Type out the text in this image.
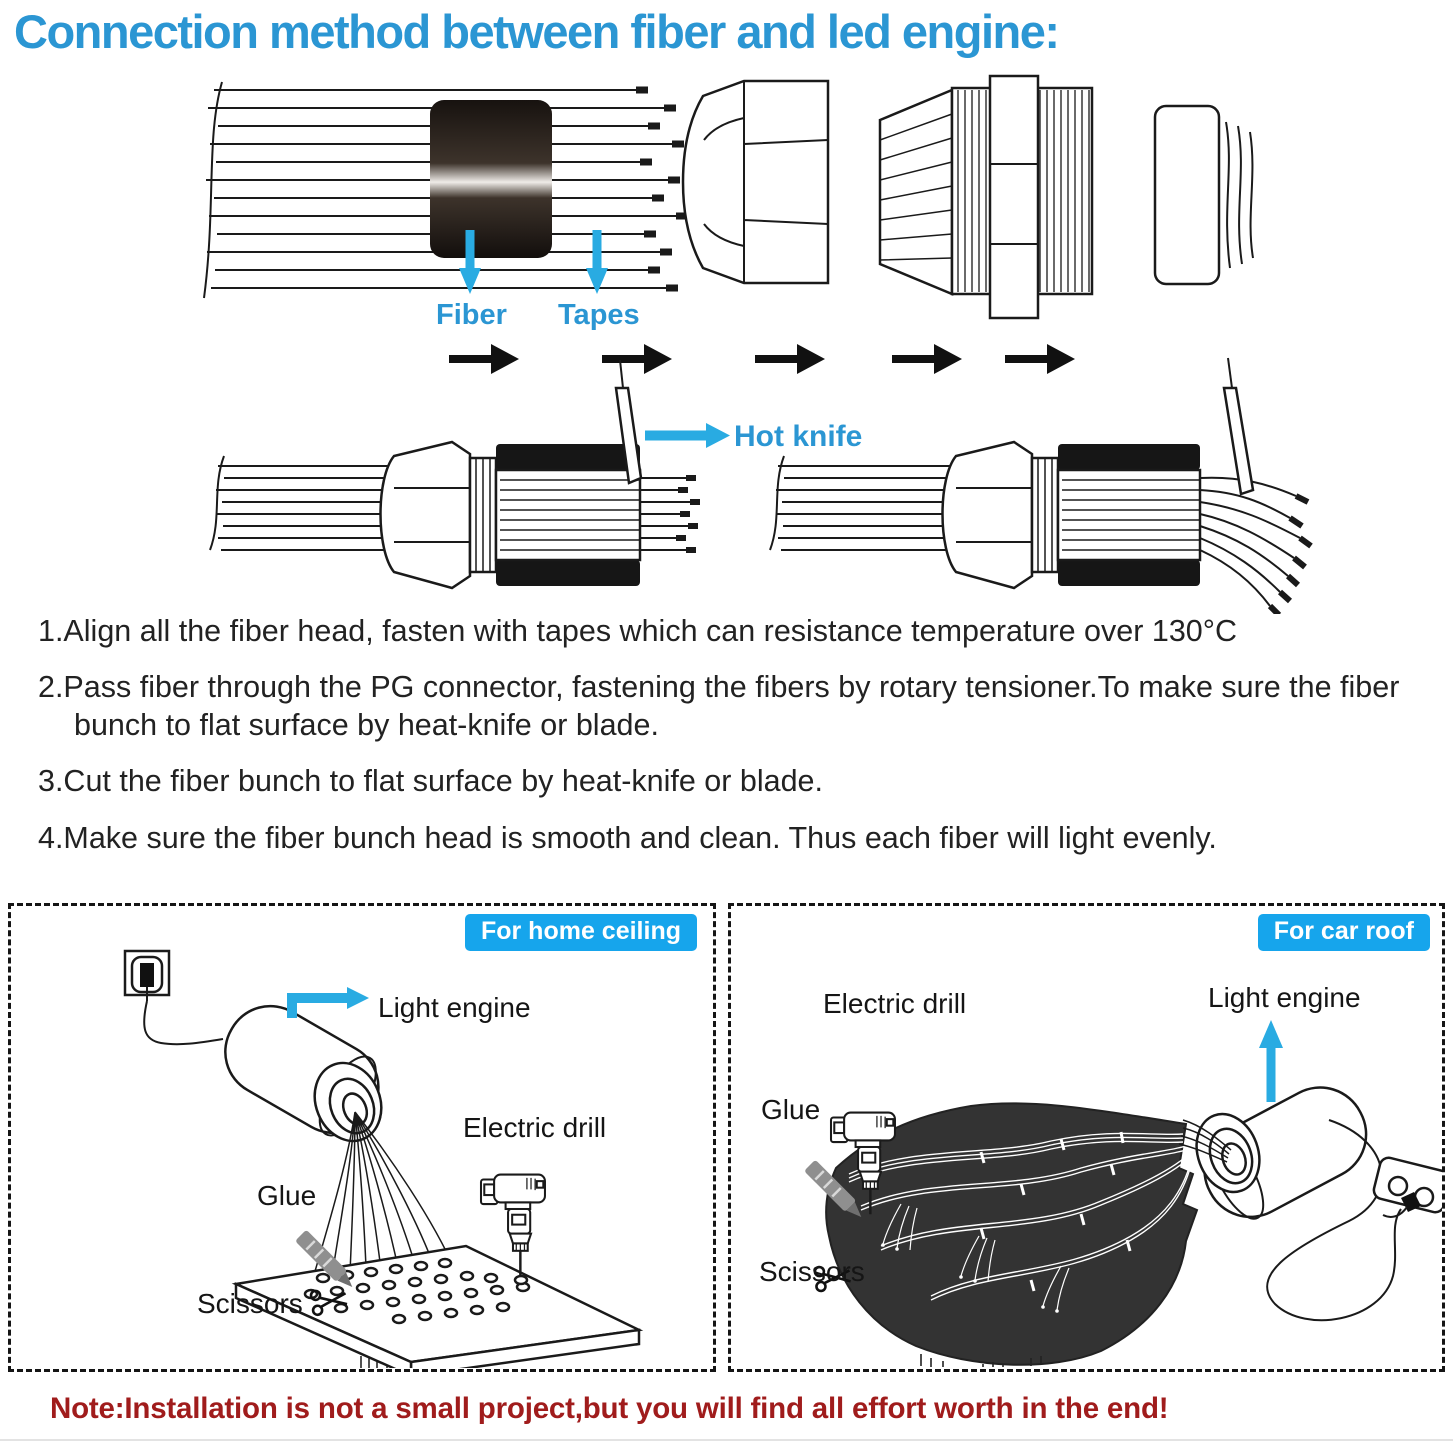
Connection method between fiber and led engine:
Fiber Tapes
Hot knife
1.Align all the fiber head, fasten with tapes which can resistance temperature over 130°C
2.Pass fiber through the PG connector, fastening the fibers by rotary tensioner.To make sure the fiber bunch to flat surface by heat-knife or blade.
3.Cut the fiber bunch to flat surface by heat-knife or blade.
4.Make sure the fiber bunch head is smooth and clean. Thus each fiber will light evenly.
For home ceiling
Light engine
Electric drill
Glue
Scissors
For car roof
Electric drill	Light engine
Glue
Scissors
Note:Installation is not a small project,but you will find all effort worth in the end!
